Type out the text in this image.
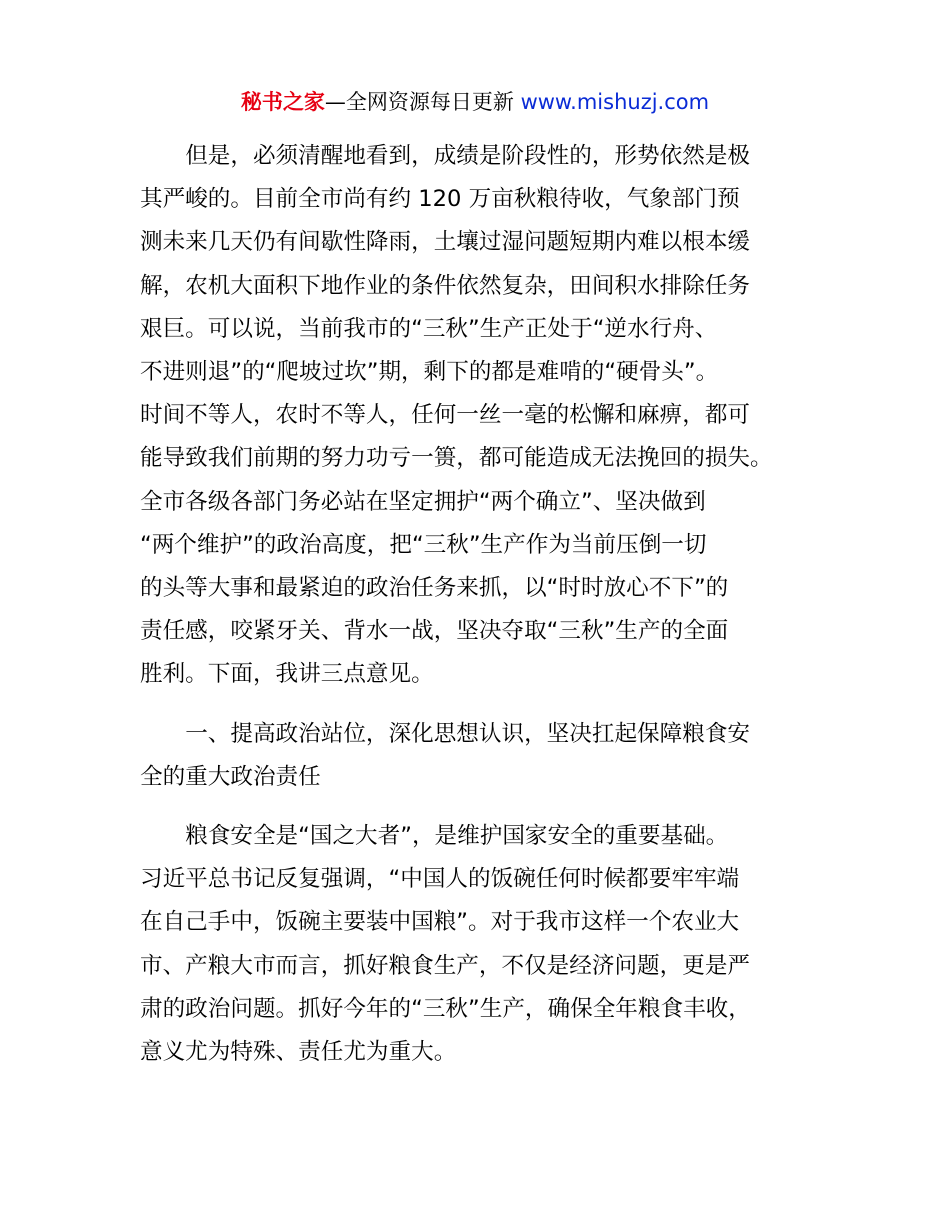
秘书之家—全网资源每日更新 www.mishuzj.com

但是，必须清醒地看到，成绩是阶段性的，形势依然是极
其严峻的。目前全市尚有约 120 万亩秋粮待收，气象部门预
测未来几天仍有间歇性降雨，土壤过湿问题短期内难以根本缓
解，农机大面积下地作业的条件依然复杂，田间积水排除任务
艰巨。可以说，当前我市的“三秋”生产正处于“逆水行舟、
不进则退”的“爬坡过坎”期，剩下的都是难啃的“硬骨头”。
时间不等人，农时不等人，任何一丝一毫的松懈和麻痹，都可
能导致我们前期的努力功亏一篑，都可能造成无法挽回的损失。
全市各级各部门务必站在坚定拥护“两个确立”、坚决做到
“两个维护”的政治高度，把“三秋”生产作为当前压倒一切
的头等大事和最紧迫的政治任务来抓，以“时时放心不下”的
责任感，咬紧牙关、背水一战，坚决夺取“三秋”生产的全面
胜利。下面，我讲三点意见。

一、提高政治站位，深化思想认识，坚决扛起保障粮食安
全的重大政治责任

粮食安全是“国之大者”，是维护国家安全的重要基础。
习近平总书记反复强调，“中国人的饭碗任何时候都要牢牢端
在自己手中，饭碗主要装中国粮”。对于我市这样一个农业大
市、产粮大市而言，抓好粮食生产，不仅是经济问题，更是严
肃的政治问题。抓好今年的“三秋”生产，确保全年粮食丰收，
意义尤为特殊、责任尤为重大。
